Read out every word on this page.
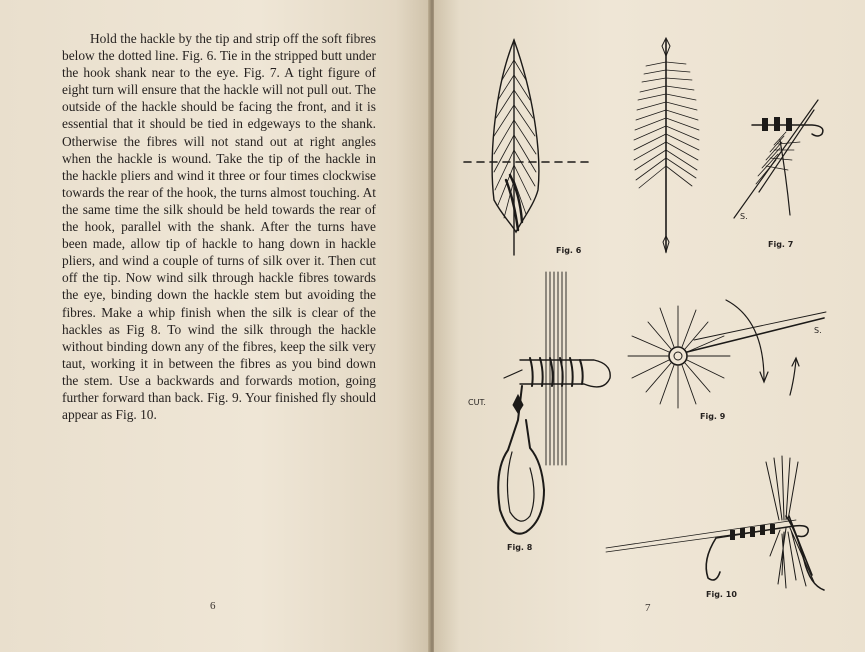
Hold the hackle by the tip and strip off the soft fibres below the dotted line. Fig. 6. Tie in the stripped butt under the hook shank near to the eye. Fig. 7. A tight figure of eight turn will ensure that the hackle will not pull out. The outside of the hackle should be facing the front, and it is essential that it should be tied in edgeways to the shank. Otherwise the fibres will not stand out at right angles when the hackle is wound. Take the tip of the hackle in the hackle pliers and wind it three or four times clockwise towards the rear of the hook, the turns almost touching. At the same time the silk should be held towards the rear of the hook, parallel with the shank. After the turns have been made, allow tip of hackle to hang down in hackle pliers, and wind a couple of turns of silk over it. Then cut off the tip. Now wind silk through hackle fibres towards the eye, binding down the hackle stem but avoiding the fibres. Make a whip finish when the silk is clear of the hackles as Fig 8. To wind the silk through the hackle without binding down any of the fibres, keep the silk very taut, working it in between the fibres as you bind down the stem. Use a backwards and forwards motion, going further forward than back. Fig. 9. Your finished fly should appear as Fig. 10.

6
Fig. 6
Fig. 7
Fig. 8
Fig. 9
Fig. 10
S.
CUT.
S.
7
